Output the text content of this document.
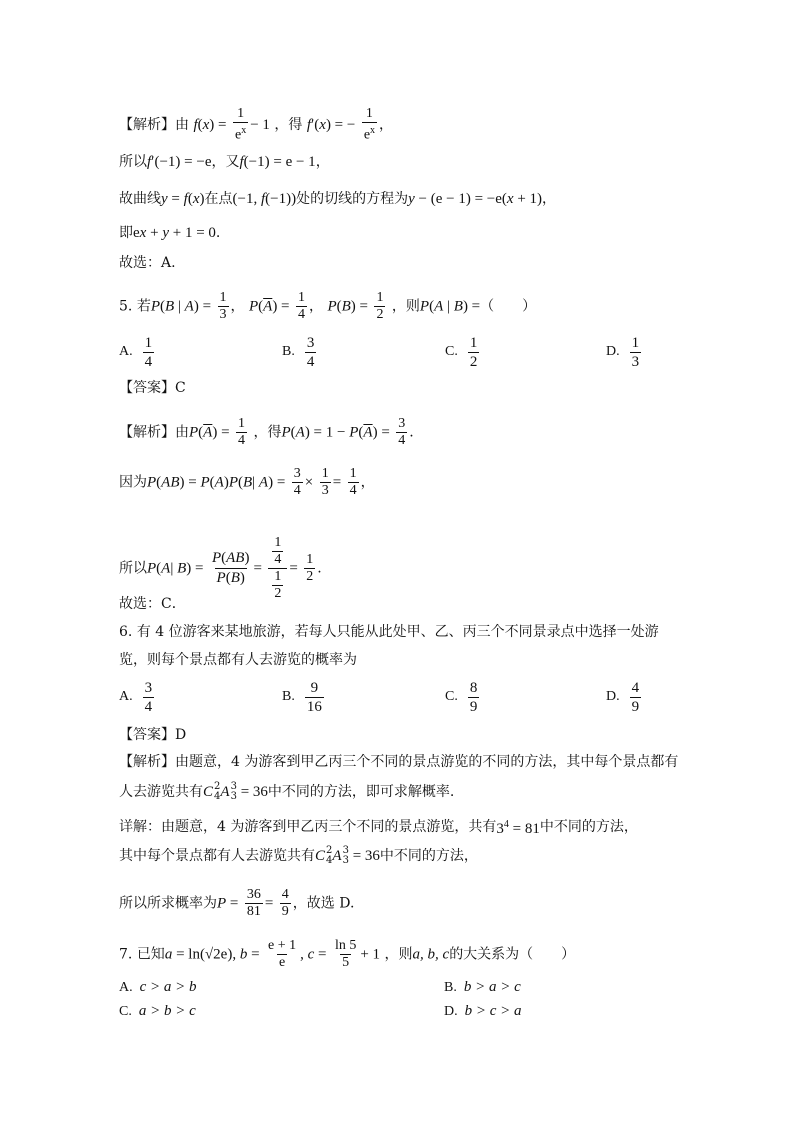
【解析】由 $f(x) = \frac{1}{e^x} - 1$ ，得 f′(x) = − $\frac{1}{e^x}$ ，
所以f′(−1) = −e，又f(−1) = e − 1，
故曲线y = f(x)在点(−1, f(−1))处的切线的方程为y − (e − 1) = −e(x + 1)，
即ex + y + 1 = 0.
故选：A.
5. 若P(B | $A) = \frac{1}{3}$ ， $P(\overline{A}) = \frac{1}{4}$ ， $P(B) = \frac{1}{2}$ ，则P(A | B) =（　　）
A. $\frac{1}{4}$	B. $\frac{3}{4}$	C. $\frac{1}{2}$	D. $\frac{1}{3}$
【答案】C
【解析】由$P(\overline{A}) = \frac{1}{4}$ ，得$P(A) = 1 - P(\overline{A}) = \frac{3}{4}$ .
因为P(AB) = P(A)P(B| $A) = \frac{3}{4} \times \frac{1}{3} = \frac{1}{4}$ ，
所以P(A| $B) = \frac{P(AB)}{P(B)} = \frac{\frac{1}{4}}{\frac{1}{2}} = \frac{1}{2}$ .
故选：C．
6. 有 4 位游客来某地旅游，若每人只能从此处甲、乙、丙三个不同景录点中选择一处游
览，则每个景点都有人去游览的概率为
A. $\frac{3}{4}$	B. $\frac{9}{16}$	C. $\frac{8}{9}$	D. $\frac{4}{9}$
【答案】D
【解析】由题意，4 为游客到甲乙丙三个不同的景点游览的不同的方法，其中每个景点都有
人去游览共有C 2
4 A 3
3 = 36中不同的方法，即可求解概率.
详解：由题意，4 为游客到甲乙丙三个不同的景点游览，共有$3^4 = 81$中不同的方法，
其中每个景点都有人去游览共有C 2
4 A 3
3 = 36中不同的方法，
所以所求概率为$P = \frac{36}{81} = \frac{4}{9}$ ，故选 D.
7. 已知a = ln(√2e), $b = \frac{e + 1}{e}$ , $c = \frac{\ln 5}{5} + 1$ ，则a, b, c的大关系为（　　）
A. c > a > b	B. b > a > c
C. a > b > c	D. b > c > a
